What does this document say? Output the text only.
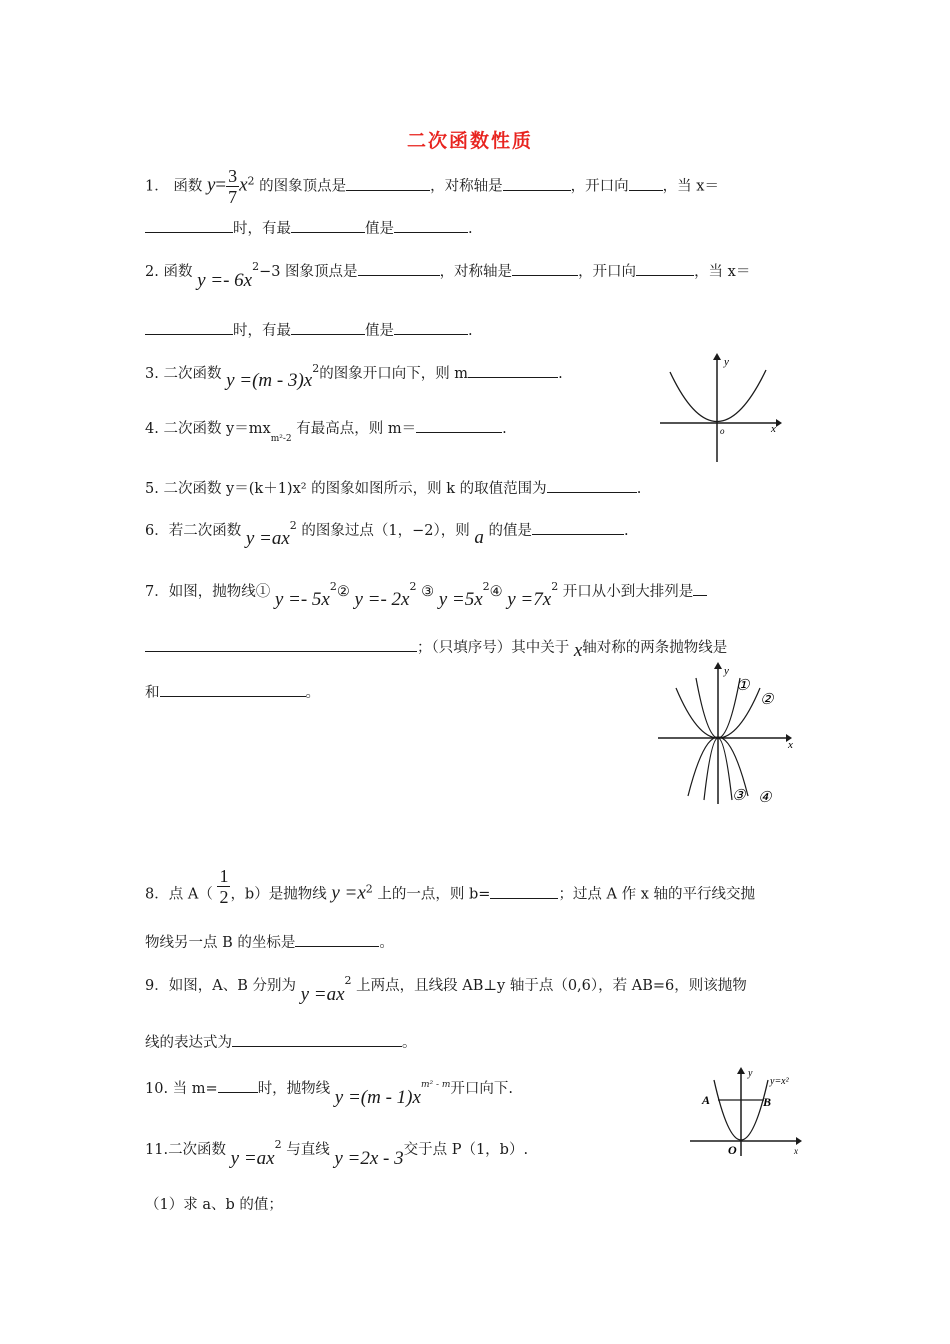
二次函数性质
1． 函数 $y= \frac{3}{7} x^2$ 的图象顶点是	，对称轴是	，开口向 ，当 x＝
时，有最	值是	.
2. 函数 $y =- 6x^2-3$ 图象顶点是	，对称轴是	，开口向	，当 x＝
时，有最	值是	.
3. 二次函数 $y =(m - 3)x^2$的图象开口向下，则 m	.
4. 二次函数 $y=mx_{m^2-2}$ 有最高点，则 m＝	.
y
x
o
5. 二次函数 y＝(k＋1)x² 的图象如图所示，则 k 的取值范围为	.
6．若二次函数 $y =ax^2$ 的图象过点（1，−2），则 a 的值是	.
7．如图，抛物线① $y =- 5x^2②$ $y =- 2x^2$ ③ $y =5x^2④$ $y =7x^2$ 开口从小到大排列是
；（只填序号）其中关于 x轴对称的两条抛物线是
和	。
y
x
①
②
③ ④
8．点 $A( \frac{1}{2}$ ，b）是抛物线 $y =x^2$ 上的一点，则 b=	；过点 A 作 x 轴的平行线交抛
物线另一点 B 的坐标是	。
9．如图，A、B 分别为 $y =ax^2$ 上两点，且线段 AB⊥y 轴于点（0,6），若 AB=6，则该抛物
线的表达式为	。
10. 当 m=	时，抛物线 $y =(m - 1)x^{m^2 - m}$开口向下.
y
y=x²
A	B
O	x
11.二次函数 $y =ax^2$ 与直线 y =2x - 3交于点 P（1，b）.
（1）求 a、b 的值；
